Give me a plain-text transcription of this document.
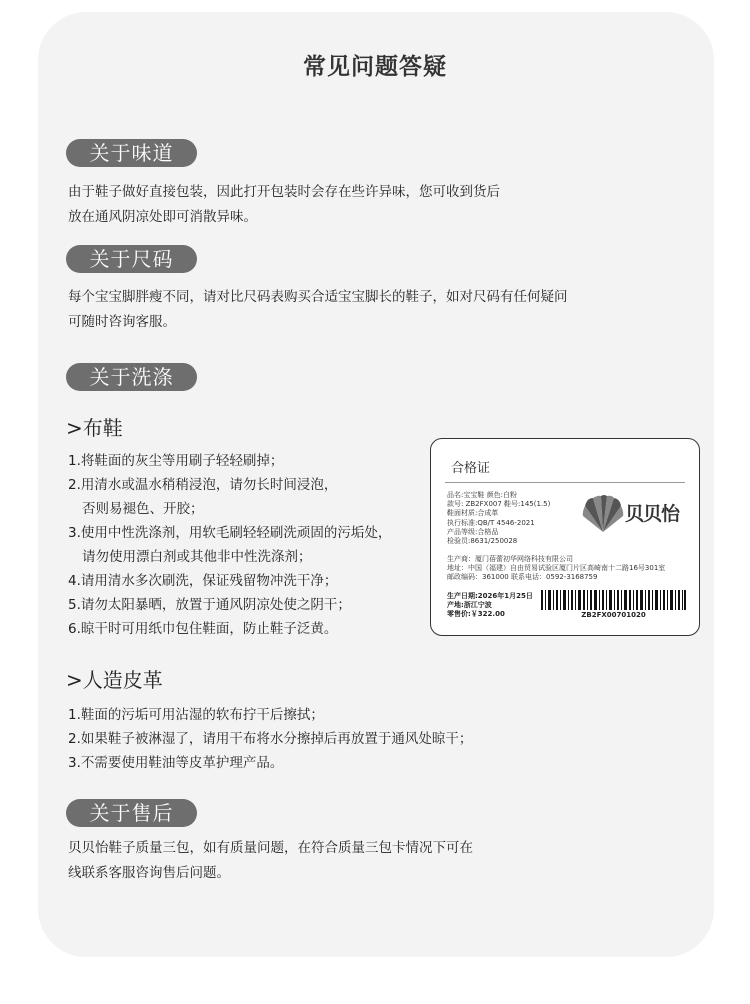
常见问题答疑
关于味道
由于鞋子做好直接包装，因此打开包装时会存在些许异味，您可收到货后
放在通风阴凉处即可消散异味。
关于尺码
每个宝宝脚胖瘦不同，请对比尺码表购买合适宝宝脚长的鞋子，如对尺码有任何疑问
可随时咨询客服。
关于洗涤
>布鞋
1.将鞋面的灰尘等用刷子轻轻刷掉；
2.用清水或温水稍稍浸泡，请勿长时间浸泡，
否则易褪色、开胶；
3.使用中性洗涤剂，用软毛刷轻轻刷洗顽固的污垢处，
请勿使用漂白剂或其他非中性洗涤剂；
4.请用清水多次刷洗，保证残留物冲洗干净；
5.请勿太阳暴晒，放置于通风阴凉处使之阴干；
6.晾干时可用纸巾包住鞋面，防止鞋子泛黄。
合格证
品名:宝宝鞋 颜色:白粉
款号: ZB2FX007 鞋号:145(1.5)
鞋面材质:合成革
执行标准:QB/T 4546-2021
产品等级:合格品
检验员:8631/250028
贝贝怡
生产商：厦门蓓蕾初华网络科技有限公司
地址：中国（福建）自由贸易试验区厦门片区高崎南十二路16号301室
邮政编码：361000 联系电话：0592-3168759
生产日期:2026年1月25日
产地:浙江宁波
零售价:￥322.00	ZB2FX00701020
>人造皮革
1.鞋面的污垢可用沾湿的软布拧干后擦拭；
2.如果鞋子被淋湿了，请用干布将水分擦掉后再放置于通风处晾干；
3.不需要使用鞋油等皮革护理产品。
关于售后
贝贝怡鞋子质量三包，如有质量问题，在符合质量三包卡情况下可在
线联系客服咨询售后问题。
